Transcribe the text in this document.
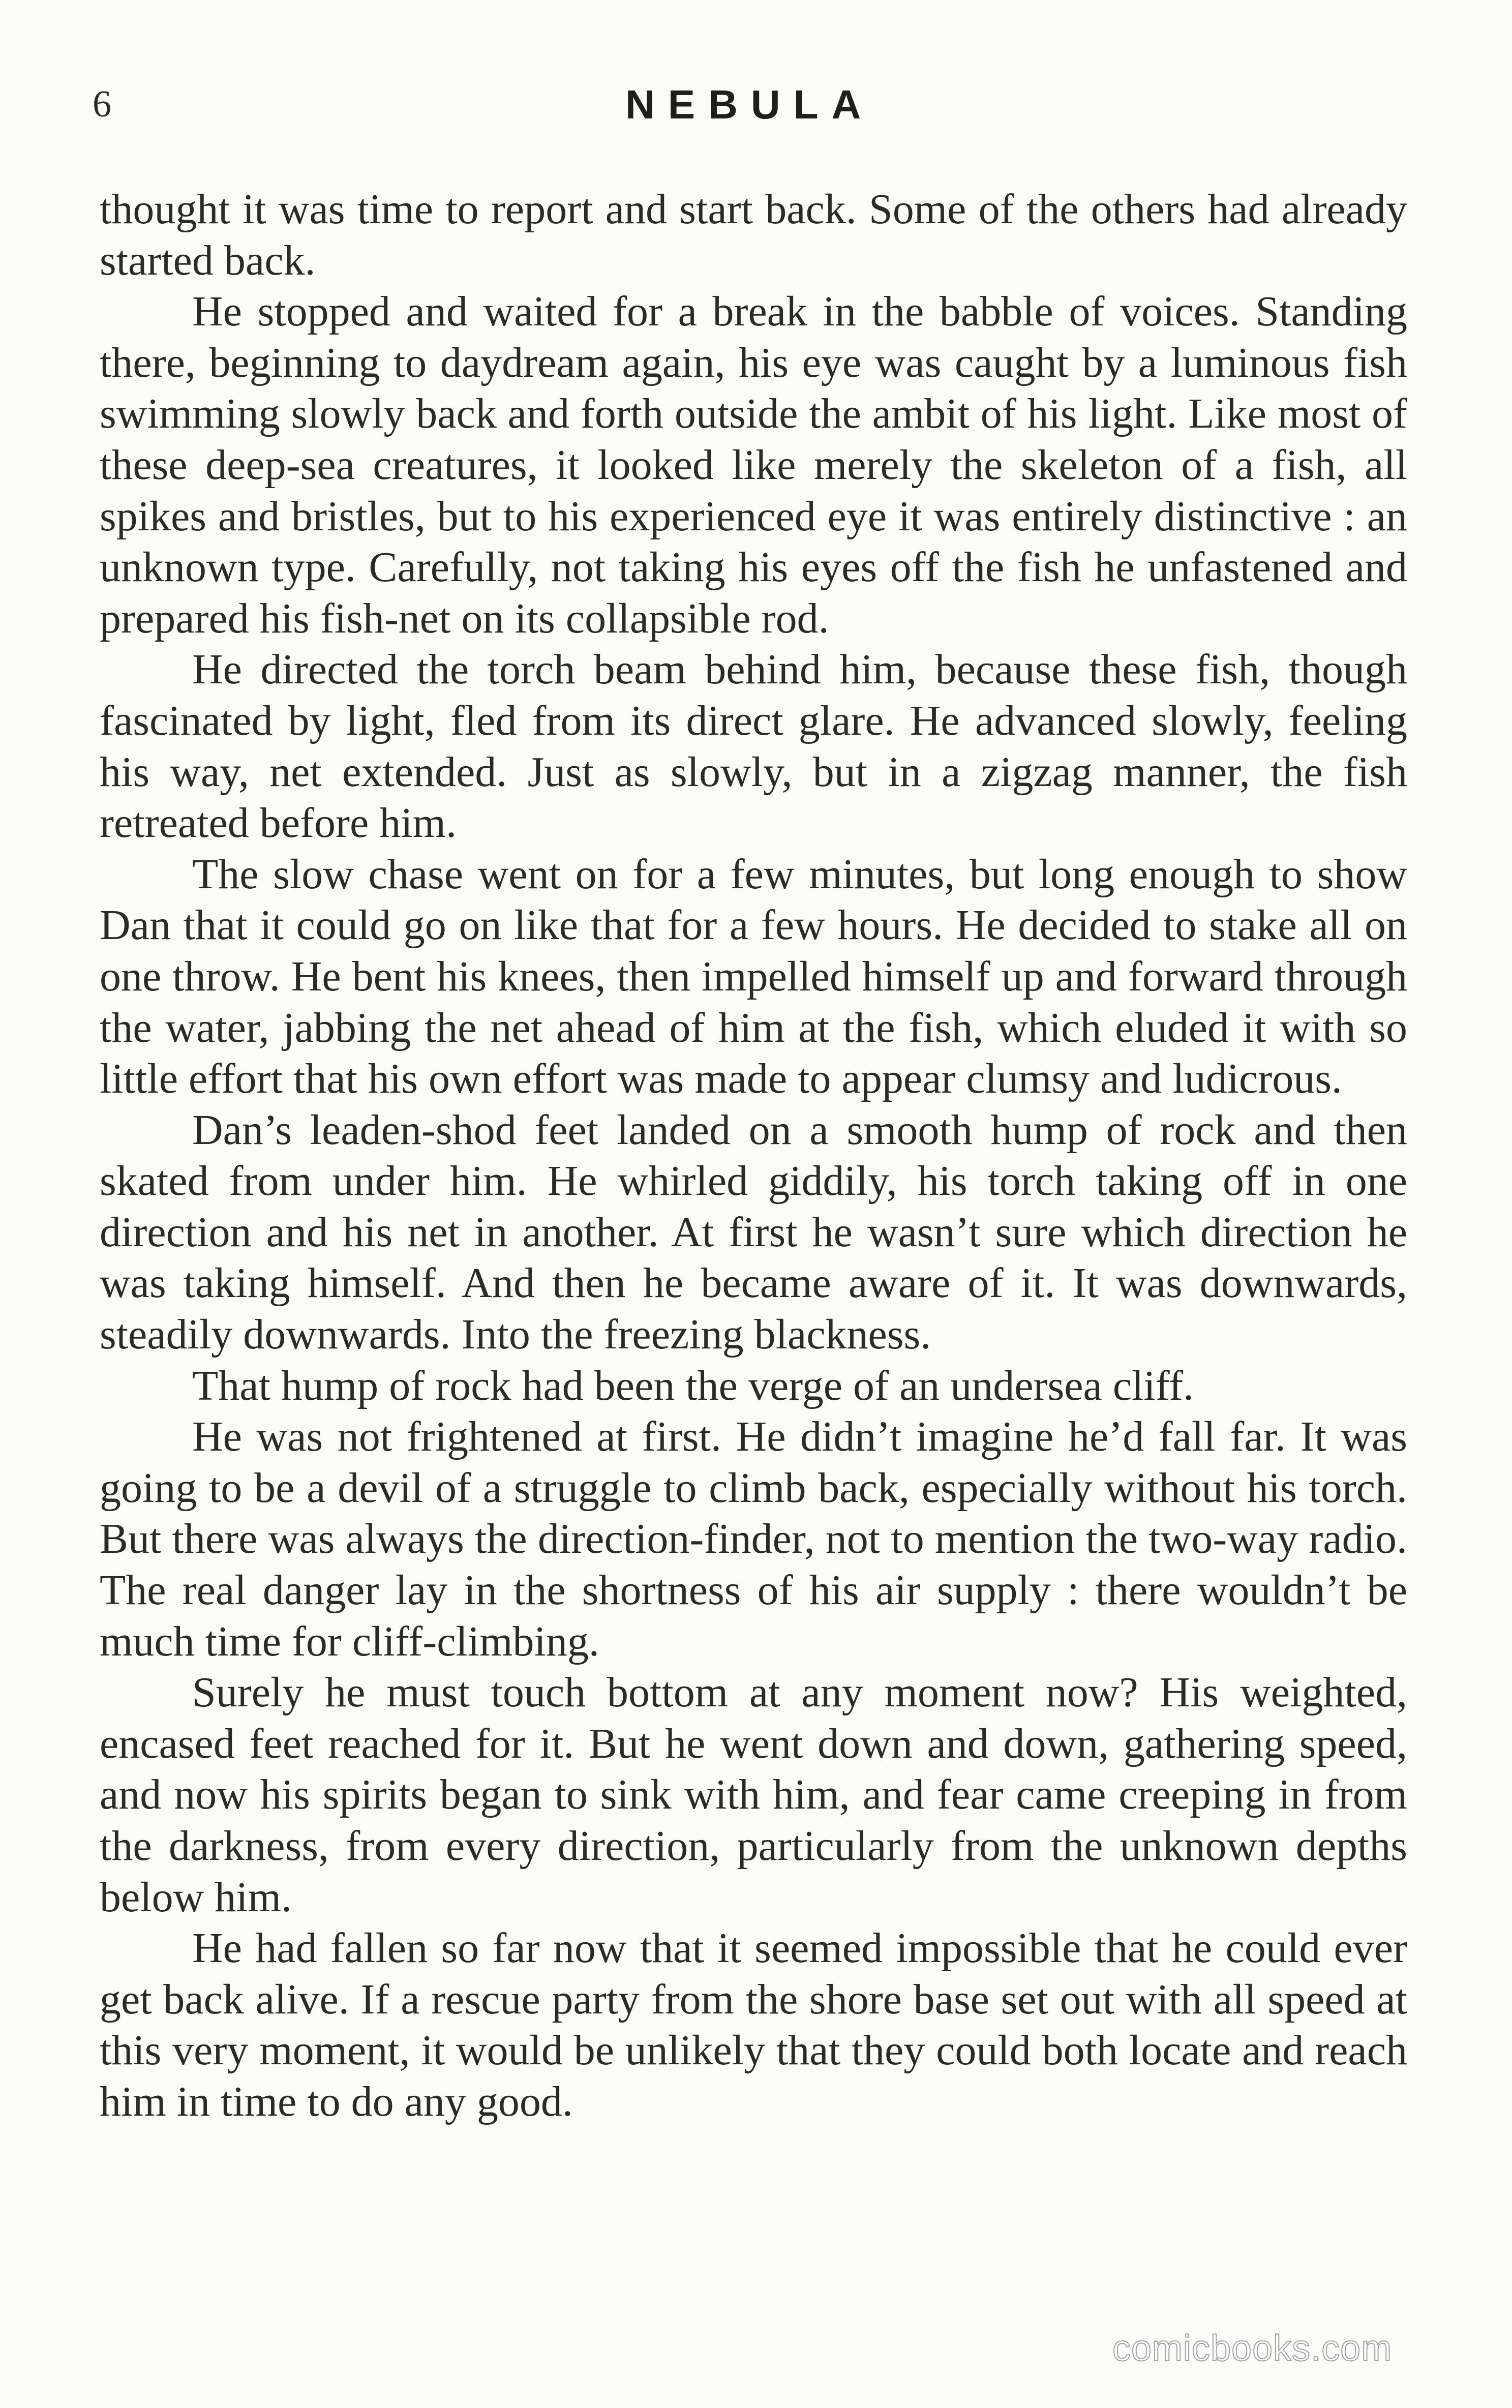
6	NEBULA

thought it was time to report and start back. Some of the others had already started back.

He stopped and waited for a break in the babble of voices. Standing there, beginning to daydream again, his eye was caught by a luminous fish swimming slowly back and forth outside the ambit of his light. Like most of these deep-sea creatures, it looked like merely the skeleton of a fish, all spikes and bristles, but to his experienced eye it was entirely distinctive : an unknown type. Carefully, not taking his eyes off the fish he unfastened and prepared his fish-net on its collapsible rod.

He directed the torch beam behind him, because these fish, though fascinated by light, fled from its direct glare. He advanced slowly, feeling his way, net extended. Just as slowly, but in a zigzag manner, the fish retreated before him.

The slow chase went on for a few minutes, but long enough to show Dan that it could go on like that for a few hours. He decided to stake all on one throw. He bent his knees, then impelled himself up and forward through the water, jabbing the net ahead of him at the fish, which eluded it with so little effort that his own effort was made to appear clumsy and ludicrous.

Dan’s leaden-shod feet landed on a smooth hump of rock and then skated from under him. He whirled giddily, his torch taking off in one direction and his net in another. At first he wasn’t sure which direction he was taking himself. And then he became aware of it. It was downwards, steadily downwards. Into the freezing blackness.

That hump of rock had been the verge of an undersea cliff.

He was not frightened at first. He didn’t imagine he’d fall far. It was going to be a devil of a struggle to climb back, especially without his torch. But there was always the direction-finder, not to mention the two-way radio. The real danger lay in the shortness of his air supply : there wouldn’t be much time for cliff-climbing.

Surely he must touch bottom at any moment now? His weighted, encased feet reached for it. But he went down and down, gathering speed, and now his spirits began to sink with him, and fear came creeping in from the darkness, from every direction, particularly from the unknown depths below him.

He had fallen so far now that it seemed impossible that he could ever get back alive. If a rescue party from the shore base set out with all speed at this very moment, it would be unlikely that they could both locate and reach him in time to do any good.

comicbooks.com
